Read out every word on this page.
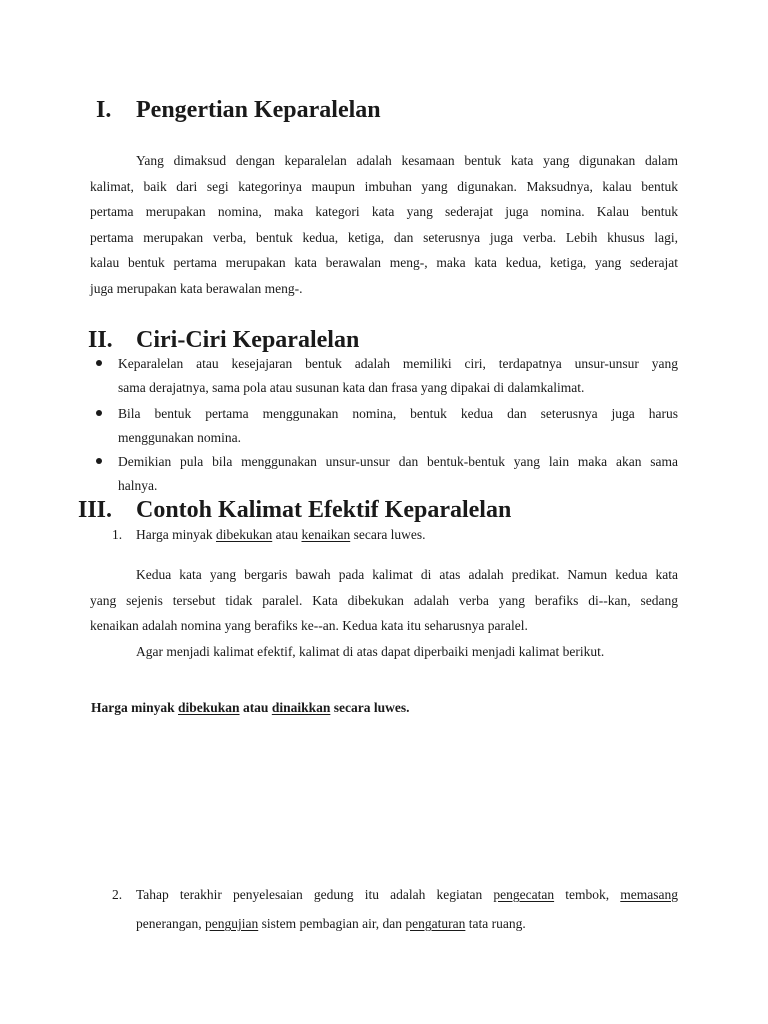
I. Pengertian Keparalelan
Yang dimaksud dengan keparalelan adalah kesamaan bentuk kata yang digunakan dalam
kalimat, baik dari segi kategorinya maupun imbuhan yang digunakan. Maksudnya, kalau bentuk
pertama merupakan nomina, maka kategori kata yang sederajat juga nomina. Kalau bentuk
pertama merupakan verba, bentuk kedua, ketiga, dan seterusnya juga verba. Lebih khusus lagi,
kalau bentuk pertama merupakan kata berawalan meng-, maka kata kedua, ketiga, yang sederajat
juga merupakan kata berawalan meng-.
II. Ciri-Ciri Keparalelan
Keparalelan atau kesejajaran bentuk adalah memiliki ciri, terdapatnya unsur-unsur yang
sama derajatnya, sama pola atau susunan kata dan frasa yang dipakai di dalamkalimat.
Bila bentuk pertama menggunakan nomina, bentuk kedua dan seterusnya juga harus
menggunakan nomina.
Demikian pula bila menggunakan unsur-unsur dan bentuk-bentuk yang lain maka akan sama
halnya.
III. Contoh Kalimat Efektif Keparalelan
1. Harga minyak dibekukan atau kenaikan secara luwes.
Kedua kata yang bergaris bawah pada kalimat di atas adalah predikat. Namun kedua kata
yang sejenis tersebut tidak paralel. Kata dibekukan adalah verba yang berafiks di--kan, sedang
kenaikan adalah nomina yang berafiks ke--an. Kedua kata itu seharusnya paralel.
Agar menjadi kalimat efektif, kalimat di atas dapat diperbaiki menjadi kalimat berikut.
Harga minyak dibekukan atau dinaikkan secara luwes.
2. Tahap terakhir penyelesaian gedung itu adalah kegiatan pengecatan tembok, memasang
penerangan, pengujian sistem pembagian air, dan pengaturan tata ruang.
